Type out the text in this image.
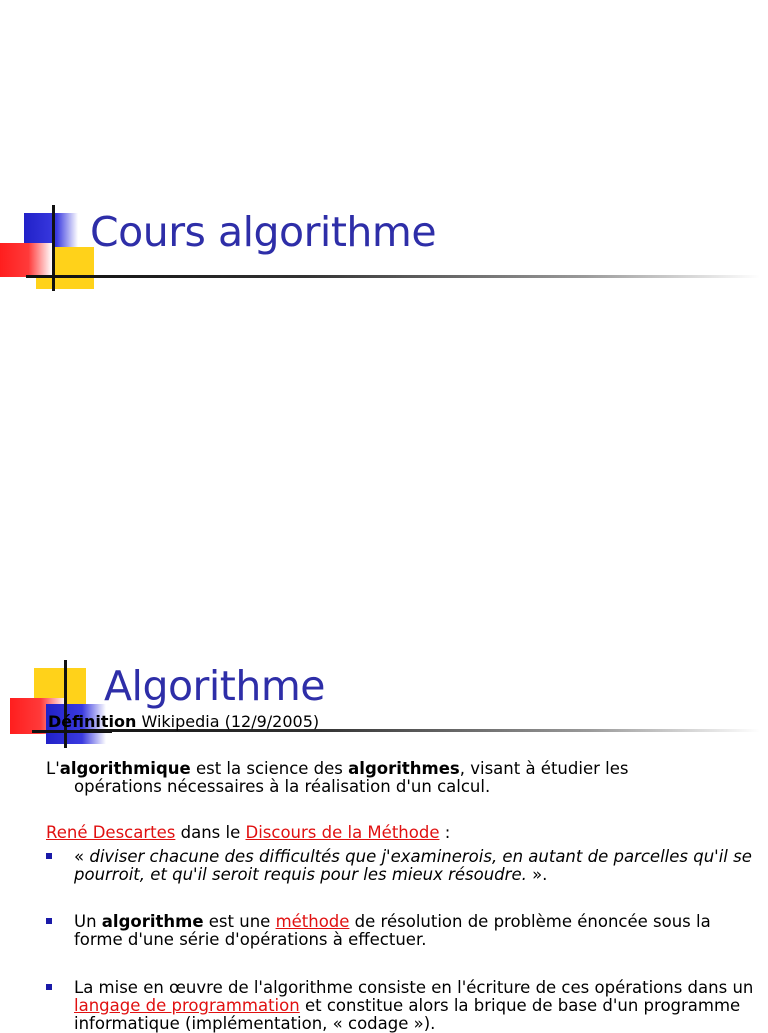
Cours algorithme
Algorithme
Définition Wikipedia (12/9/2005)
L'algorithmique est la science des algorithmes, visant à étudier les opérations nécessaires à la réalisation d'un calcul.
René Descartes dans le Discours de la Méthode :
« diviser chacune des difficultés que j'examinerois, en autant de parcelles qu'il se pourroit, et qu'il seroit requis pour les mieux résoudre. ».
Un algorithme est une méthode de résolution de problème énoncée sous la forme d'une série d'opérations à effectuer.
La mise en œuvre de l'algorithme consiste en l'écriture de ces opérations dans un langage de programmation et constitue alors la brique de base d'un programme informatique (implémentation, « codage »).
